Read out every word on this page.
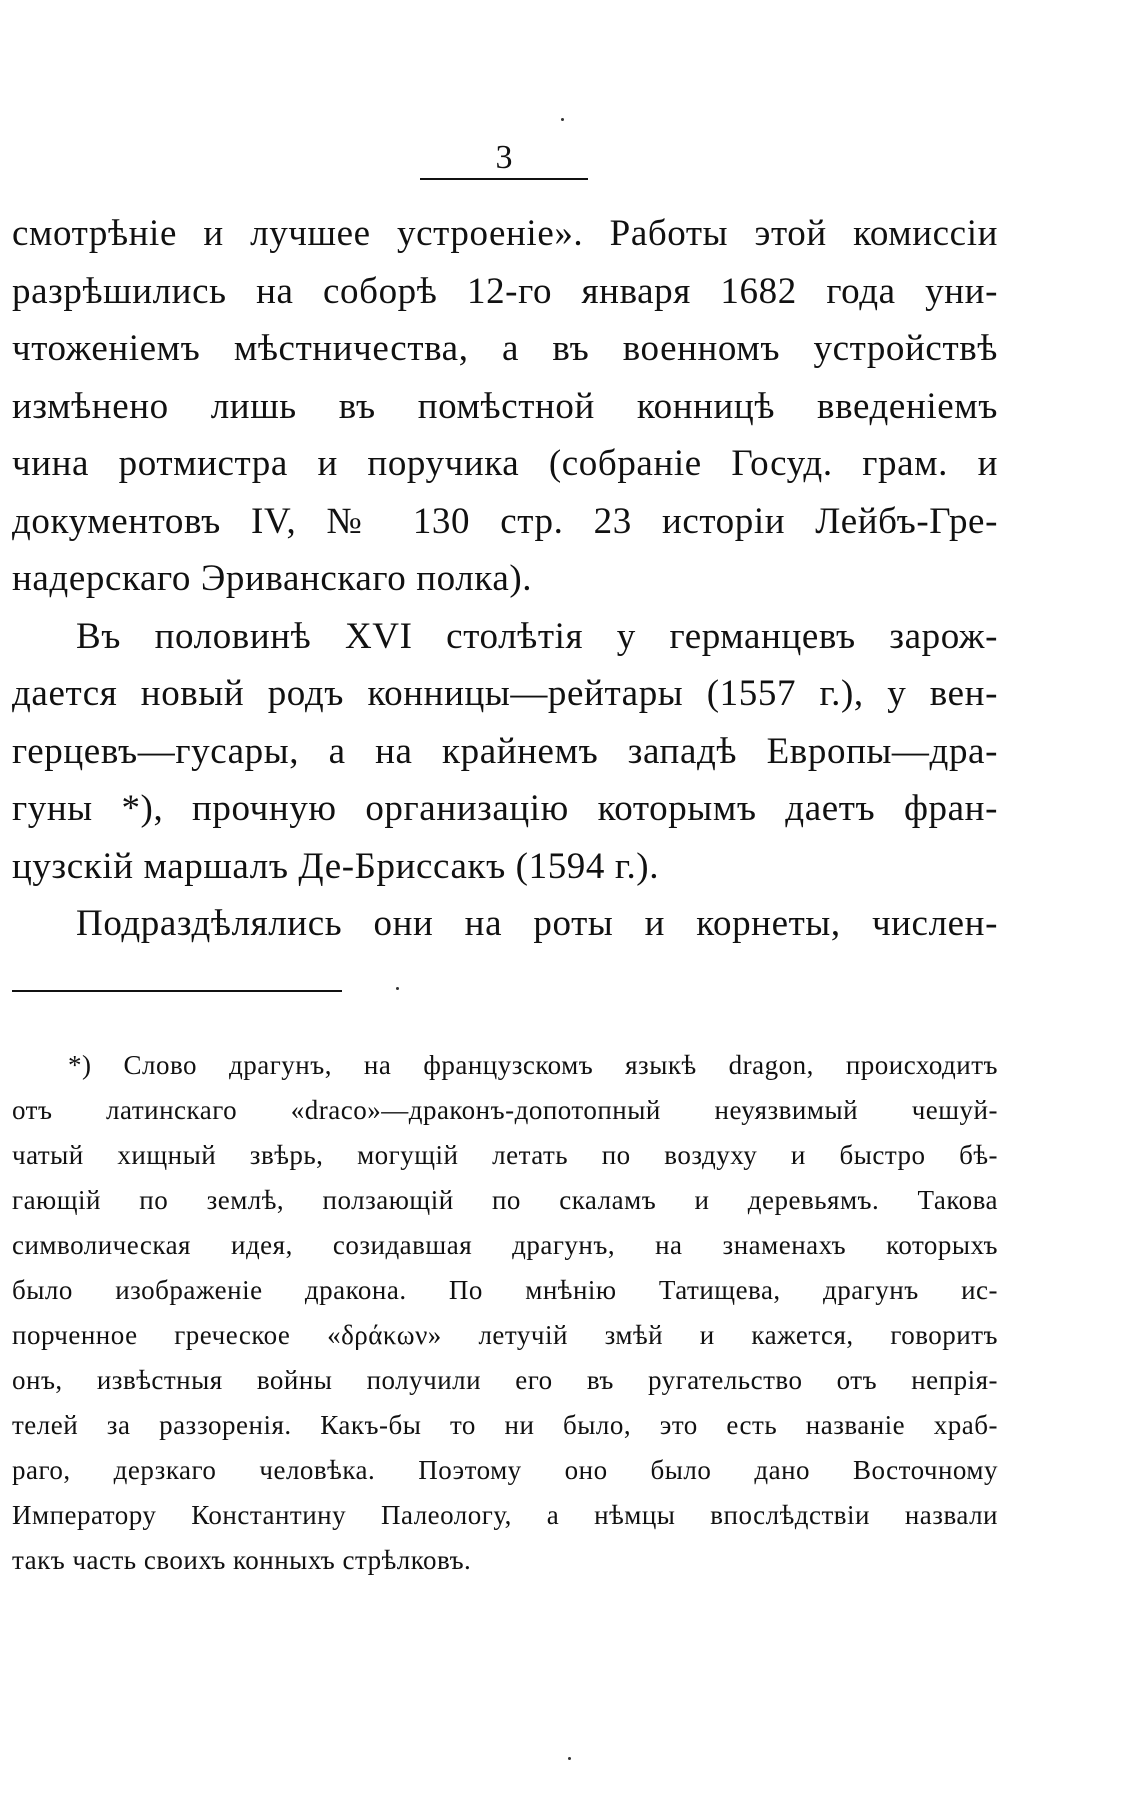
3
смотрѣніе и лучшее устроеніе». Работы этой комиссіи
разрѣшились на соборѣ 12-го января 1682 года уни-
чтоженіемъ мѣстничества, а въ военномъ устройствѣ
измѣнено лишь въ помѣстной конницѣ введеніемъ
чина ротмистра и поручика (собраніе Госуд. грам. и
документовъ IV, № 130 стр. 23 исторіи Лейбъ-Гре-
надерскаго Эриванскаго полка).
Въ половинѣ XVI столѣтія у германцевъ зарож-
дается новый родъ конницы—рейтары (1557 г.), у вен-
герцевъ—гусары, а на крайнемъ западѣ Европы—дра-
гуны *), прочную организацію которымъ даетъ фран-
цузскій маршалъ Де-Бриссакъ (1594 г.).
Подраздѣлялись они на роты и корнеты, числен-
*) Слово драгунъ, на французскомъ языкѣ dragon, происходитъ
отъ латинскаго «draco»—драконъ-допотопный неуязвимый чешуй-
чатый хищный звѣрь, могущій летать по воздуху и быстро бѣ-
гающій по землѣ, ползающій по скаламъ и деревьямъ. Такова
символическая идея, созидавшая драгунъ, на знаменахъ которыхъ
было изображеніе дракона. По мнѣнію Татищева, драгунъ ис-
порченное греческое «δράκων» летучій змѣй и кажется, говоритъ
онъ, извѣстныя войны получили его въ ругательство отъ непрія-
телей за раззоренія. Какъ-бы то ни было, это есть названіе храб-
раго, дерзкаго человѣка. Поэтому оно было дано Восточному
Императору Константину Палеологу, а нѣмцы впослѣдствіи назвали
такъ часть своихъ конныхъ стрѣлковъ.
